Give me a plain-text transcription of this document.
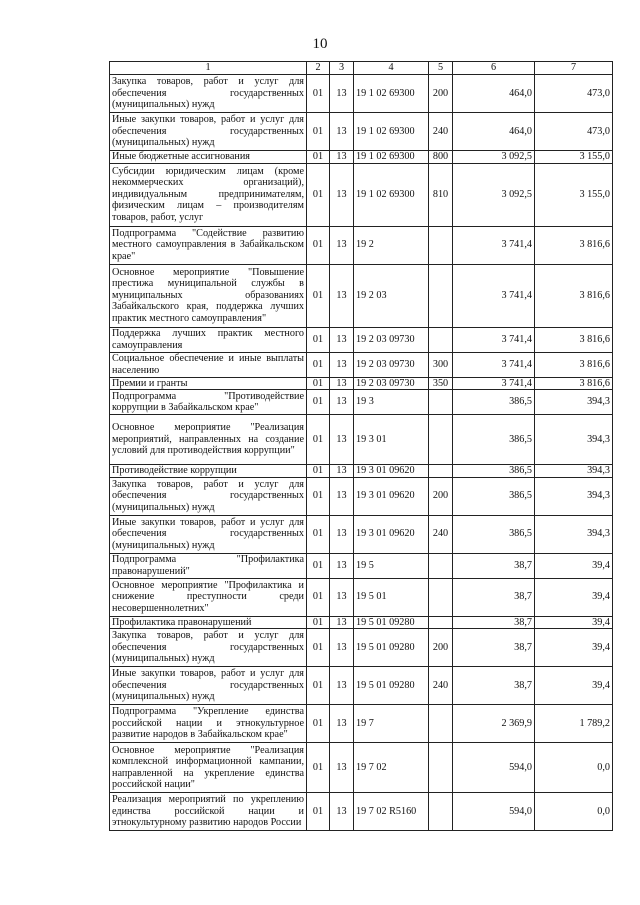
10
1	2	3	4	5	6	7
Закупка товаров, работ и услуг для обеспечения государственных (муниципальных) нужд	01	13	19 1 02 69300	200	464,0	473,0
Иные закупки товаров, работ и услуг для обеспечения государственных (муниципальных) нужд	01	13	19 1 02 69300	240	464,0	473,0
Иные бюджетные ассигнования	01	13	19 1 02 69300	800	3 092,5	3 155,0
Субсидии юридическим лицам (кроме некоммерческих организаций), индивидуальным предпринимателям, физическим лицам – производителям товаров, работ, услуг	01	13	19 1 02 69300	810	3 092,5	3 155,0
Подпрограмма "Содействие развитию местного самоуправления в Забайкальском крае"	01	13	19 2		3 741,4	3 816,6
Основное мероприятие "Повышение престижа муниципальной службы в муниципальных образованиях Забайкальского края, поддержка лучших практик местного самоуправления"	01	13	19 2 03		3 741,4	3 816,6
Поддержка лучших практик местного самоуправления	01	13	19 2 03 09730		3 741,4	3 816,6
Социальное обеспечение и иные выплаты населению	01	13	19 2 03 09730	300	3 741,4	3 816,6
Премии и гранты	01	13	19 2 03 09730	350	3 741,4	3 816,6
Подпрограмма "Противодействие коррупции в Забайкальском крае"	01	13	19 3		386,5	394,3
Основное мероприятие "Реализация мероприятий, направленных на создание условий для противодействия коррупции"	01	13	19 3 01		386,5	394,3
Противодействие коррупции	01	13	19 3 01 09620		386,5	394,3
Закупка товаров, работ и услуг для обеспечения государственных (муниципальных) нужд	01	13	19 3 01 09620	200	386,5	394,3
Иные закупки товаров, работ и услуг для обеспечения государственных (муниципальных) нужд	01	13	19 3 01 09620	240	386,5	394,3
Подпрограмма "Профилактика правонарушений"	01	13	19 5		38,7	39,4
Основное мероприятие "Профилактика и снижение преступности среди несовершеннолетних"	01	13	19 5 01		38,7	39,4
Профилактика правонарушений	01	13	19 5 01 09280		38,7	39,4
Закупка товаров, работ и услуг для обеспечения государственных (муниципальных) нужд	01	13	19 5 01 09280	200	38,7	39,4
Иные закупки товаров, работ и услуг для обеспечения государственных (муниципальных) нужд	01	13	19 5 01 09280	240	38,7	39,4
Подпрограмма "Укрепление единства российской нации и этнокультурное развитие народов в Забайкальском крае"	01	13	19 7		2 369,9	1 789,2
Основное мероприятие "Реализация комплексной информационной кампании, направленной на укрепление единства российской нации"	01	13	19 7 02		594,0	0,0
Реализация мероприятий по укреплению единства российской нации и этнокультурному развитию народов России	01	13	19 7 02 R5160		594,0	0,0
